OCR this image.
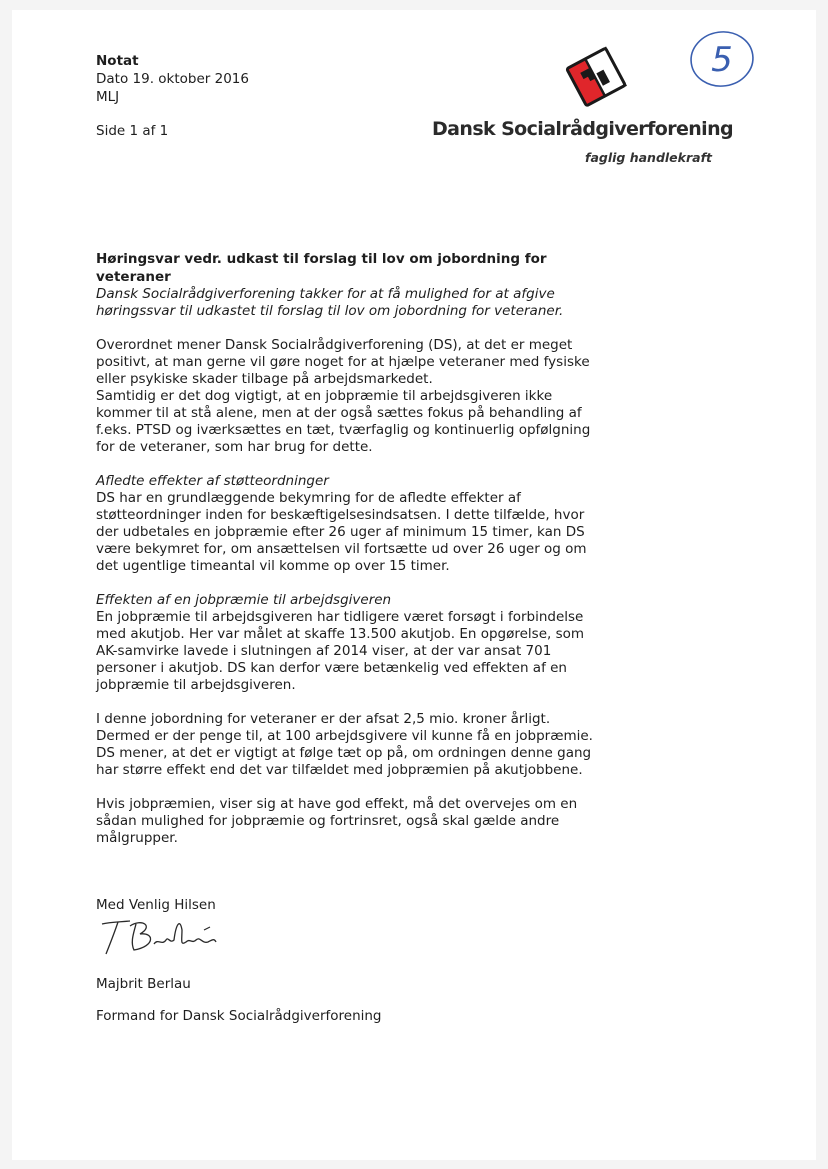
Notat
Dato 19. oktober 2016
MLJ
Side 1 af 1
5
Dansk Socialrådgiverforening
faglig handlekraft

Høringsvar vedr. udkast til forslag til lov om jobordning for
veteraner

Dansk Socialrådgiverforening takker for at få mulighed for at afgive
høringssvar til udkastet til forslag til lov om jobordning for veteraner.

Overordnet mener Dansk Socialrådgiverforening (DS), at det er meget
positivt, at man gerne vil gøre noget for at hjælpe veteraner med fysiske
eller psykiske skader tilbage på arbejdsmarkedet.
Samtidig er det dog vigtigt, at en jobpræmie til arbejdsgiveren ikke
kommer til at stå alene, men at der også sættes fokus på behandling af
f.eks. PTSD og iværksættes en tæt, tværfaglig og kontinuerlig opfølgning
for de veteraner, som har brug for dette.

Afledte effekter af støtteordninger

DS har en grundlæggende bekymring for de afledte effekter af
støtteordninger inden for beskæftigelsesindsatsen. I dette tilfælde, hvor
der udbetales en jobpræmie efter 26 uger af minimum 15 timer, kan DS
være bekymret for, om ansættelsen vil fortsætte ud over 26 uger og om
det ugentlige timeantal vil komme op over 15 timer.

Effekten af en jobpræmie til arbejdsgiveren

En jobpræmie til arbejdsgiveren har tidligere været forsøgt i forbindelse
med akutjob. Her var målet at skaffe 13.500 akutjob. En opgørelse, som
AK-samvirke lavede i slutningen af 2014 viser, at der var ansat 701
personer i akutjob. DS kan derfor være betænkelig ved effekten af en
jobpræmie til arbejdsgiveren.

I denne jobordning for veteraner er der afsat 2,5 mio. kroner årligt.
Dermed er der penge til, at 100 arbejdsgivere vil kunne få en jobpræmie.
DS mener, at det er vigtigt at følge tæt op på, om ordningen denne gang
har større effekt end det var tilfældet med jobpræmien på akutjobbene.

Hvis jobpræmien, viser sig at have god effekt, må det overvejes om en
sådan mulighed for jobpræmie og fortrinsret, også skal gælde andre
målgrupper.

Med Venlig Hilsen
Majbrit Berlau
Formand for Dansk Socialrådgiverforening
